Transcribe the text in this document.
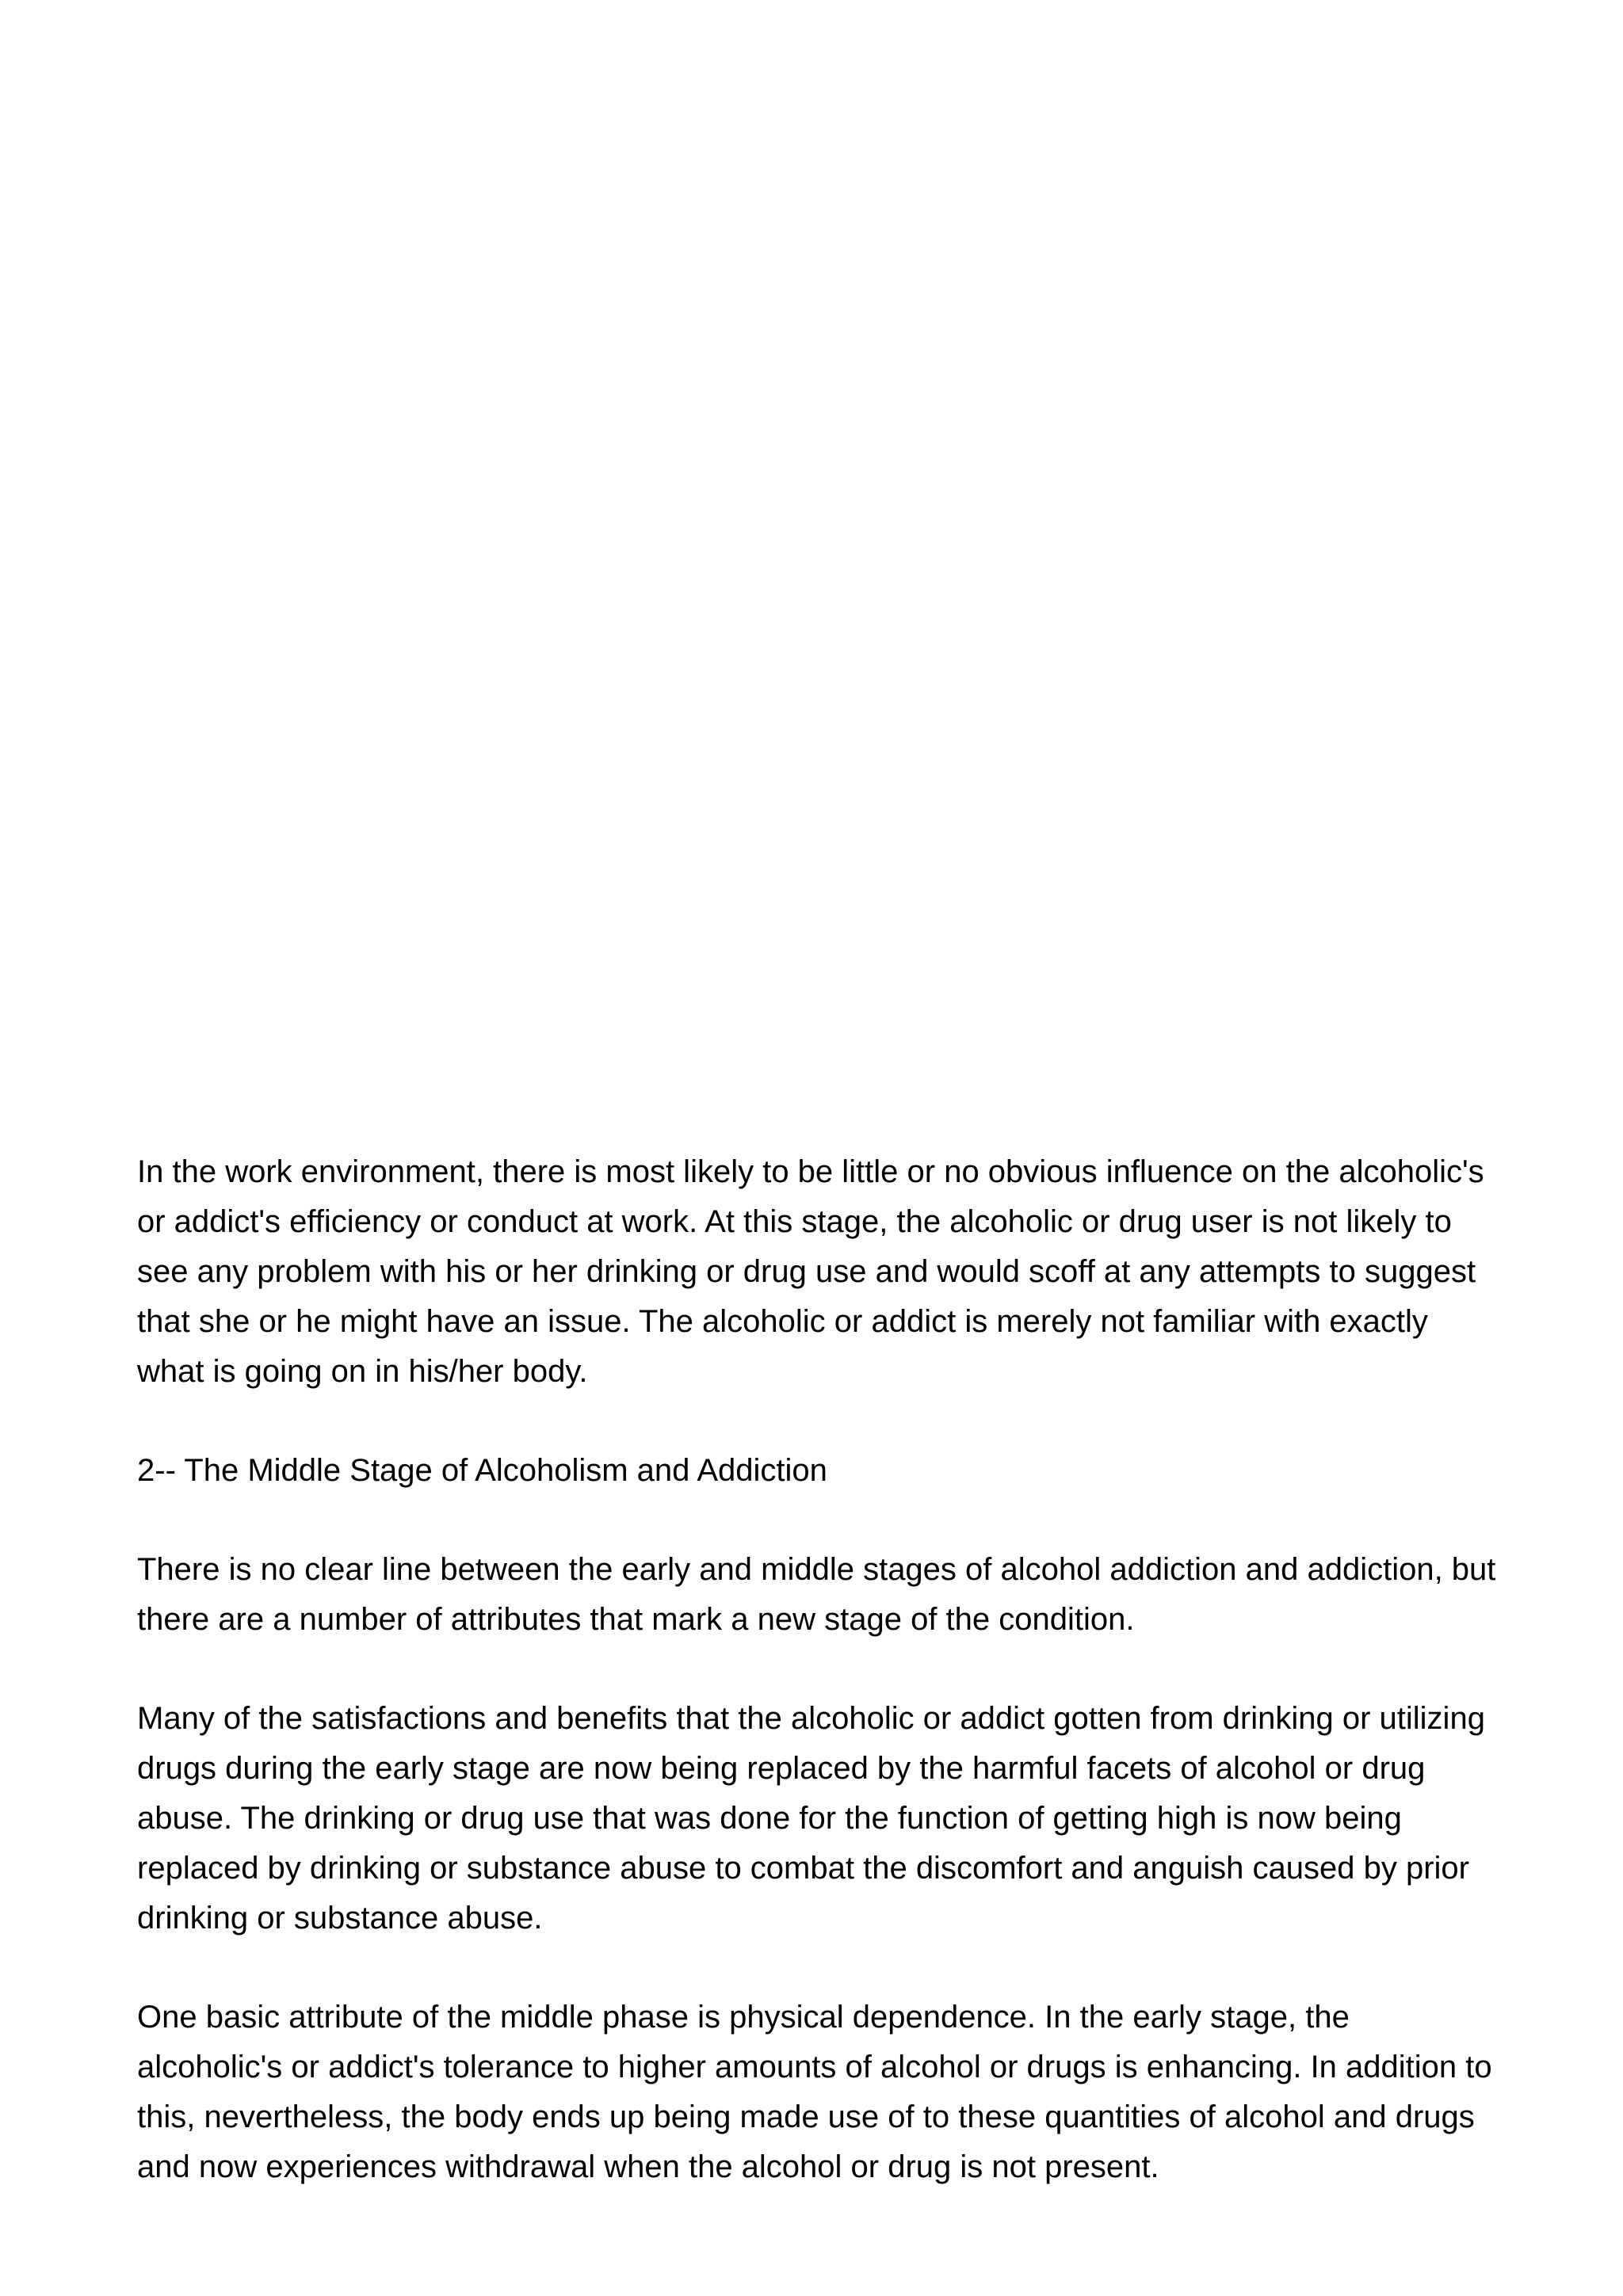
In the work environment, there is most likely to be little or no obvious influence on the alcoholic's or addict's efficiency or conduct at work. At this stage, the alcoholic or drug user is not likely to see any problem with his or her drinking or drug use and would scoff at any attempts to suggest that she or he might have an issue. The alcoholic or addict is merely not familiar with exactly what is going on in his/her body.

2-- The Middle Stage of Alcoholism and Addiction

There is no clear line between the early and middle stages of alcohol addiction and addiction, but there are a number of attributes that mark a new stage of the condition.

Many of the satisfactions and benefits that the alcoholic or addict gotten from drinking or utilizing drugs during the early stage are now being replaced by the harmful facets of alcohol or drug abuse. The drinking or drug use that was done for the function of getting high is now being replaced by drinking or substance abuse to combat the discomfort and anguish caused by prior drinking or substance abuse.

One basic attribute of the middle phase is physical dependence. In the early stage, the alcoholic's or addict's tolerance to higher amounts of alcohol or drugs is enhancing. In addition to this, nevertheless, the body ends up being made use of to these quantities of alcohol and drugs and now experiences withdrawal when the alcohol or drug is not present.
